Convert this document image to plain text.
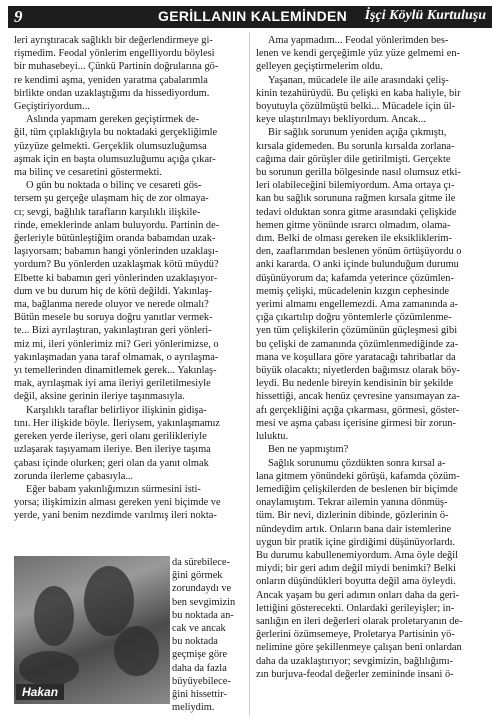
9	GERİLLANIN KALEMİNDEN İşçi Köylü Kurtuluşu
leri ayrıştıracak sağlıklı bir değerlendirmeye gi-
rişmedim. Feodal yönlerim engelliyordu böylesi
bir muhasebeyi... Çünkü Partinin doğrularına gö-
re kendimi aşma, yeniden yaratma çabalarımla
birlikte ondan uzaklaştığımı da hissediyordum.
Geçiştiriyordum...
Aslında yapmam gereken geçiştirmek de-
ğil, tüm çıplaklığıyla bu noktadaki gerçekliğimle
yüzyüze gelmekti. Gerçeklik olumsuzluğumsa
aşmak için en başta olumsuzluğumu açığa çıkar-
ma bilinç ve cesaretini göstermekti.
O gün bu noktada o bilinç ve cesareti gös-
tersem şu gerçeğe ulaşmam hiç de zor olmaya-
cı; sevgi, bağlılık tarafların karşılıklı ilişkile-
rinde, emeklerinde anlam buluyordu. Partinin de-
ğerleriyle bütünleştiğim oranda babamdan uzak-
laşıyorsam; babamın hangi yönlerinden uzaklaşı-
yordum? Bu yönlerden uzaklaşmak kötü müydü?
Elbette ki babamın geri yönlerinden uzaklaşıyor-
dum ve bu durum hiç de kötü değildi. Yakınlaş-
ma, bağlanma nerede oluyor ve nerede olmalı?
Bütün mesele bu soruya doğru yanıtlar vermek-
te... Bizi ayrılaştıran, yakınlaştıran geri yönleri-
miz mi, ileri yönlerimiz mi? Geri yönlerimizse, o
yakınlaşmadan yana taraf olmamak, o ayrılaşma-
yı temellerinden dinamitlemek gerek... Yakınlaş-
mak, ayrılaşmak iyi ama ileriyi geriletilmesiyle
değil, aksine gerinin ileriye taşınmasıyla.
Karşılıklı taraflar belirliyor ilişkinin gidişa-
tını. Her ilişkide böyle. İleriysem, yakınlaşmamız
gereken yerde ileriyse, geri olanı gerilikleriyle
uzlaşarak taşıyamam ileriye. Ben ileriye taşıma
çabası içinde olurken; geri olan da yanıt olmak
zorunda ilerleme çabasıyla...
Eğer babam yakınlığımızın sürmesini isti-
yorsa; ilişkimizin alması gereken yeni biçimde ve
yerde, yani benim nezdimde varılmış ileri nokta-
Hakan
da sürebilece-
ğini görmek
zorundaydı ve
ben sevgimizin
bu noktada an-
cak ve ancak
bu noktada
geçmişe göre
daha da fazla
büyüyebilece-
ğini hissettir-
meliydim.
Ama yapmadım... Feodal yönlerimden bes-
lenen ve kendi gerçeğimle yüz yüze gelmemi en-
gelleyen geçiştirmelerim oldu.
Yaşanan, mücadele ile aile arasındaki çeliş-
kinin tezahürüydü. Bu çelişki en kaba haliyle, bir
boyutuyla çözülmüştü belki... Mücadele için ül-
keye ulaştırılmayı bekliyordum. Ancak...
Bir sağlık sorunum yeniden açığa çıkmıştı,
kırsala gidemeden. Bu sorunla kırsalda zorlana-
cağıma dair görüşler dile getirilmişti. Gerçekte
bu sorunun gerilla bölgesinde nasıl olumsuz etki-
leri olabileceğini bilemiyordum. Ama ortaya çı-
kan bu sağlık sorununa rağmen kırsala gitme ile
tedavi olduktan sonra gitme arasındaki çelişkide
hemen gitme yönünde ısrarcı olmadım, olama-
dım. Belki de olması gereken ile eksikliklerim-
den, zaaflarımdan beslenen yönüm örtüşüyordu o
anki kararda. O anki içinde bulunduğum durumu
düşünüyorum da; kafamda yeterince çözümlen-
memiş çelişki, mücadelenin kızgın cephesinde
yerimi almamı engellemezdi. Ama zamanında a-
çığa çıkartılıp doğru yöntemlerle çözümlenme-
yen tüm çelişkilerin çözümünün güçleşmesi gibi
bu çelişki de zamanında çözümlenmediğinde za-
mana ve koşullara göre yaratacağı tahribatlar da
büyük olacaktı; niyetlerden bağımsız olarak böy-
leydi. Bu nedenle bireyin kendisinin bir şekilde
hissettiği, ancak henüz çevresine yansımayan za-
afı gerçekliğini açığa çıkarması, görmesi, göster-
mesi ve aşma çabası içerisine girmesi bir zorun-
luluktu.
Ben ne yapmıştım?
Sağlık sorunumu çözdükten sonra kırsal a-
lana gitmem yönündeki görüşü, kafamda çözüm-
lemediğim çelişkilerden de beslenen bir biçimde
onaylamıştım. Tekrar ailemin yanına dönmüş-
tüm. Bir nevi, dizlerinin dibinde, gözlerinin ö-
nündeydim artık. Onların bana dair istemlerine
uygun bir pratik içine girdiğimi düşünüyorlardı.
Bu durumu kabullenemiyordum. Ama öyle değil
miydi; bir geri adım değil miydi benimki? Belki
onların düşündükleri boyutta değil ama öyleydi.
Ancak yaşam bu geri adımın onları daha da geri-
lettiğini gösterecekti. Onlardaki gerileyişler; in-
sanlığın en ileri değerleri olarak proletaryanın de-
ğerlerini özümsemeye, Proletarya Partisinin yö-
nelimine göre şekillenmeye çalışan beni onlardan
daha da uzaklaştırıyor; sevgimizin, bağlılığımı-
zın burjuva-feodal değerler zemininde insani ö-
